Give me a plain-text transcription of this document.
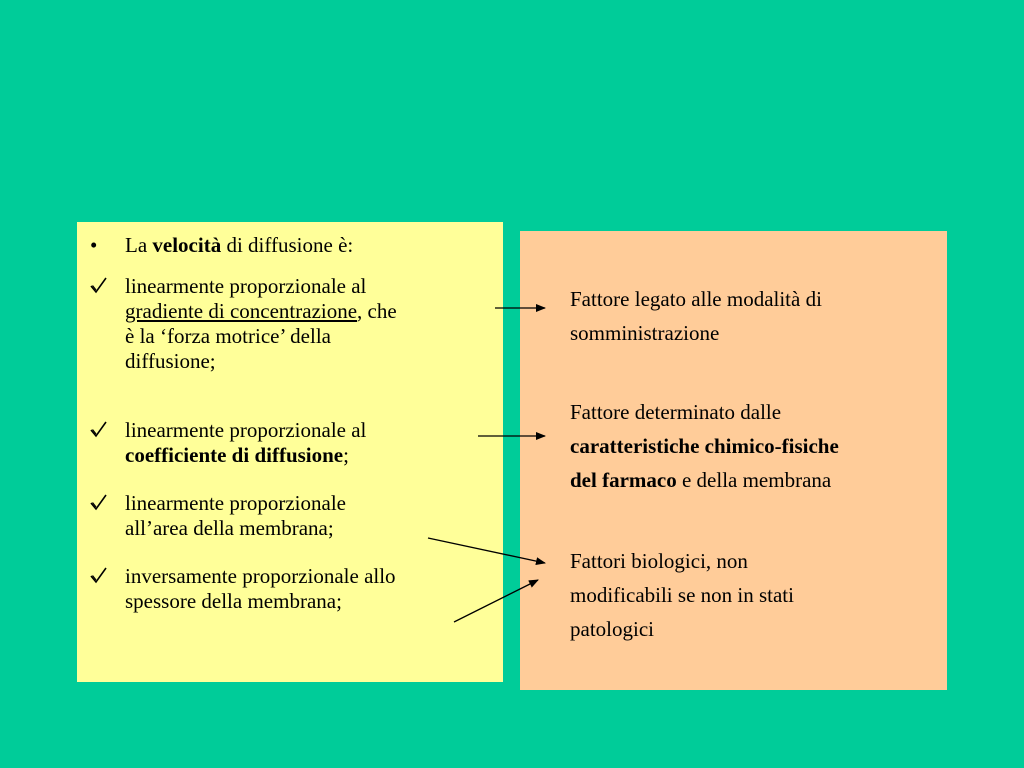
•	La velocità di diffusione è:
linearmente proporzionale al
gradiente di concentrazione, che
è la ‘forza motrice’ della
diffusione;
linearmente proporzionale al
coefficiente di diffusione;
linearmente proporzionale
all’area della membrana;
inversamente proporzionale allo
spessore della membrana;
Fattore legato alle modalità di
somministrazione
Fattore determinato dalle
caratteristiche chimico-fisiche
del farmaco e della membrana
Fattori biologici, non
modificabili se non in stati
patologici
